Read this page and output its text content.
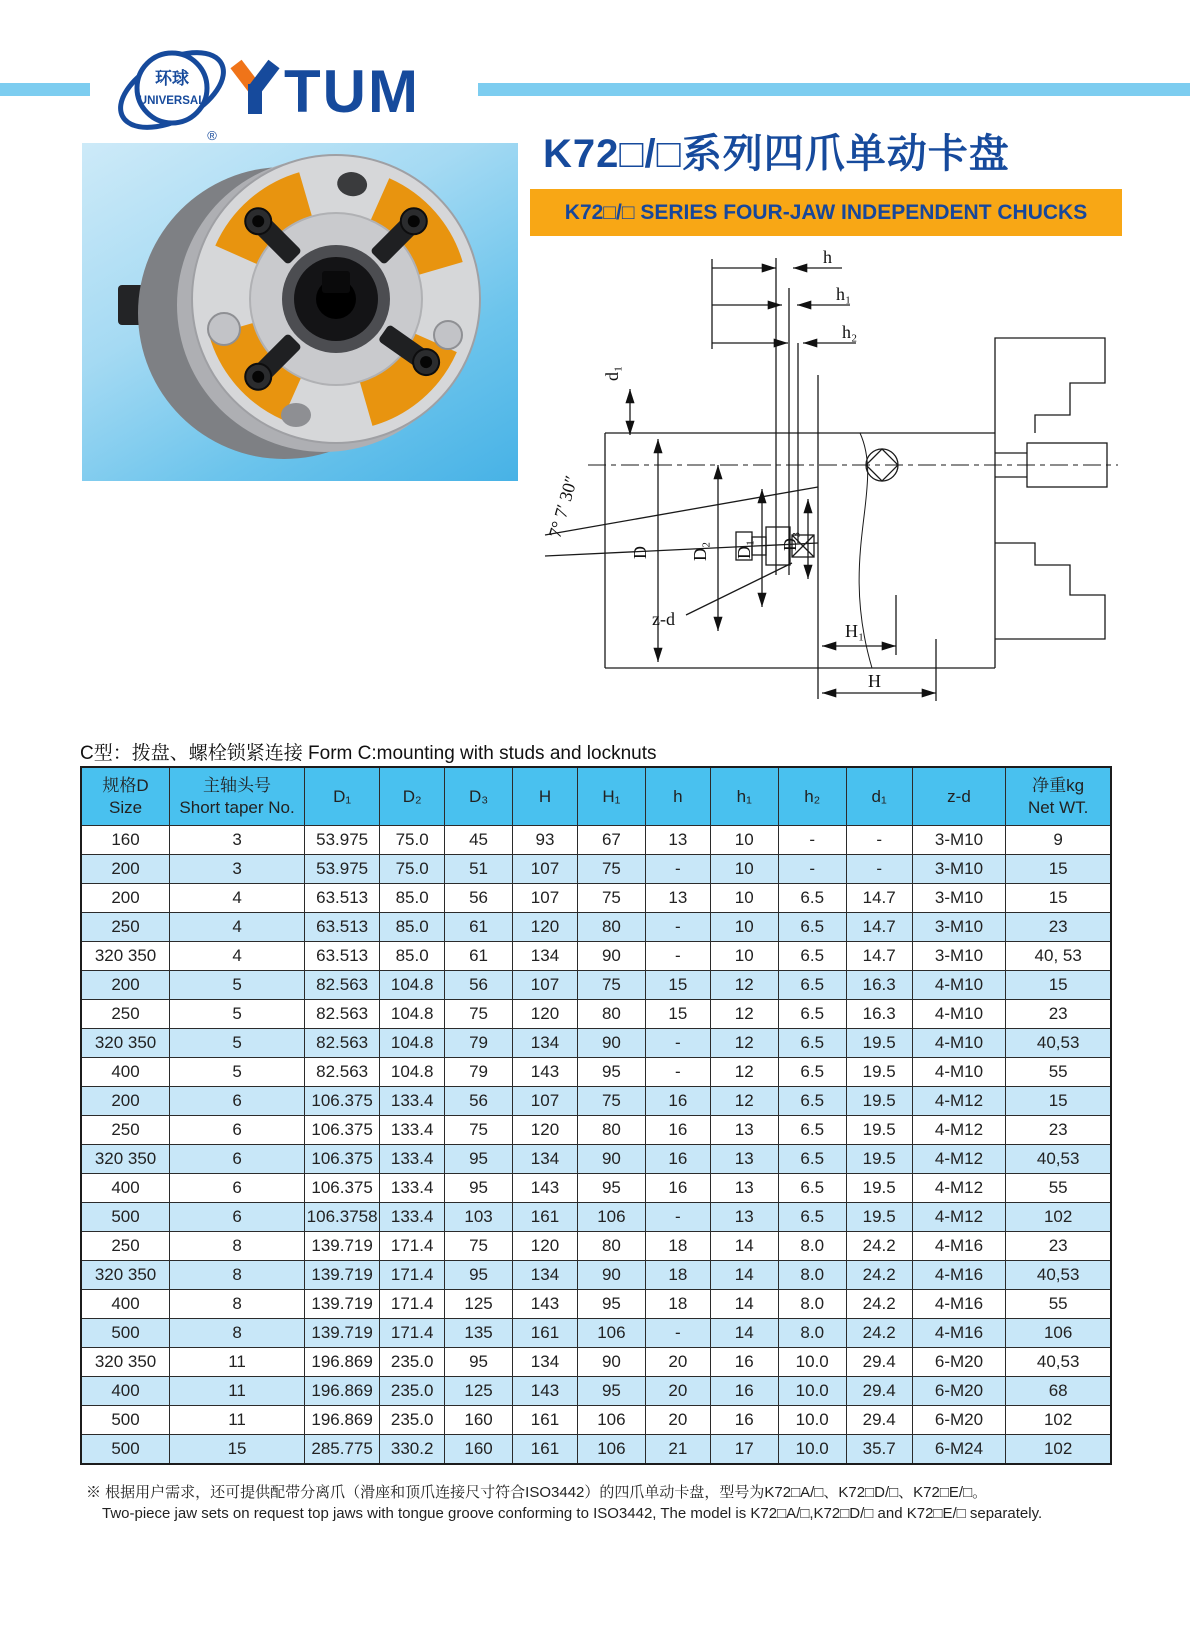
环球
UNIVERSAL
®
TUM
K72□/□系列四爪单动卡盘
K72□/□ SERIES FOUR-JAW INDEPENDENT CHUCKS
h
h₁
h₂
d₁
D D₂ D₁ D₃
7° 7′ 30″
z-d
H₁
H
C型：拨盘、螺栓锁紧连接 Form C:mounting with studs and locknuts
规格D
Size

主轴头号
Short taper No.
	D₁	D₂	D₃	H	H₁	h	h₁	h₂	d₁	z-d	
净重kg
Net WT.

160	3	53.975	75.0	45	93	67	13	10	-	-	3-M10	9
200	3	53.975	75.0	51	107	75	-	10	-	-	3-M10	15
200	4	63.513	85.0	56	107	75	13	10	6.5	14.7	3-M10	15
250	4	63.513	85.0	61	120	80	-	10	6.5	14.7	3-M10	23
320 350	4	63.513	85.0	61	134	90	-	10	6.5	14.7	3-M10	40, 53
200	5	82.563	104.8	56	107	75	15	12	6.5	16.3	4-M10	15
250	5	82.563	104.8	75	120	80	15	12	6.5	16.3	4-M10	23
320 350	5	82.563	104.8	79	134	90	-	12	6.5	19.5	4-M10	40,53
400	5	82.563	104.8	79	143	95	-	12	6.5	19.5	4-M10	55
200	6	106.375	133.4	56	107	75	16	12	6.5	19.5	4-M12	15
250	6	106.375	133.4	75	120	80	16	13	6.5	19.5	4-M12	23
320 350	6	106.375	133.4	95	134	90	16	13	6.5	19.5	4-M12	40,53
400	6	106.375	133.4	95	143	95	16	13	6.5	19.5	4-M12	55
500	6	106.3758	133.4	103	161	106	-	13	6.5	19.5	4-M12	102
250	8	139.719	171.4	75	120	80	18	14	8.0	24.2	4-M16	23
320 350	8	139.719	171.4	95	134	90	18	14	8.0	24.2	4-M16	40,53
400	8	139.719	171.4	125	143	95	18	14	8.0	24.2	4-M16	55
500	8	139.719	171.4	135	161	106	-	14	8.0	24.2	4-M16	106
320 350	11	196.869	235.0	95	134	90	20	16	10.0	29.4	6-M20	40,53
400	11	196.869	235.0	125	143	95	20	16	10.0	29.4	6-M20	68
500	11	196.869	235.0	160	161	106	20	16	10.0	29.4	6-M20	102
500	15	285.775	330.2	160	161	106	21	17	10.0	35.7	6-M24	102
※ 根据用户需求，还可提供配带分离爪（滑座和顶爪连接尺寸符合ISO3442）的四爪单动卡盘，型号为K72□A/□、K72□D/□、K72□E/□。
Two-piece jaw sets on request top jaws with tongue groove conforming to ISO3442, The model is K72□A/□,K72□D/□ and K72□E/□ separately.
